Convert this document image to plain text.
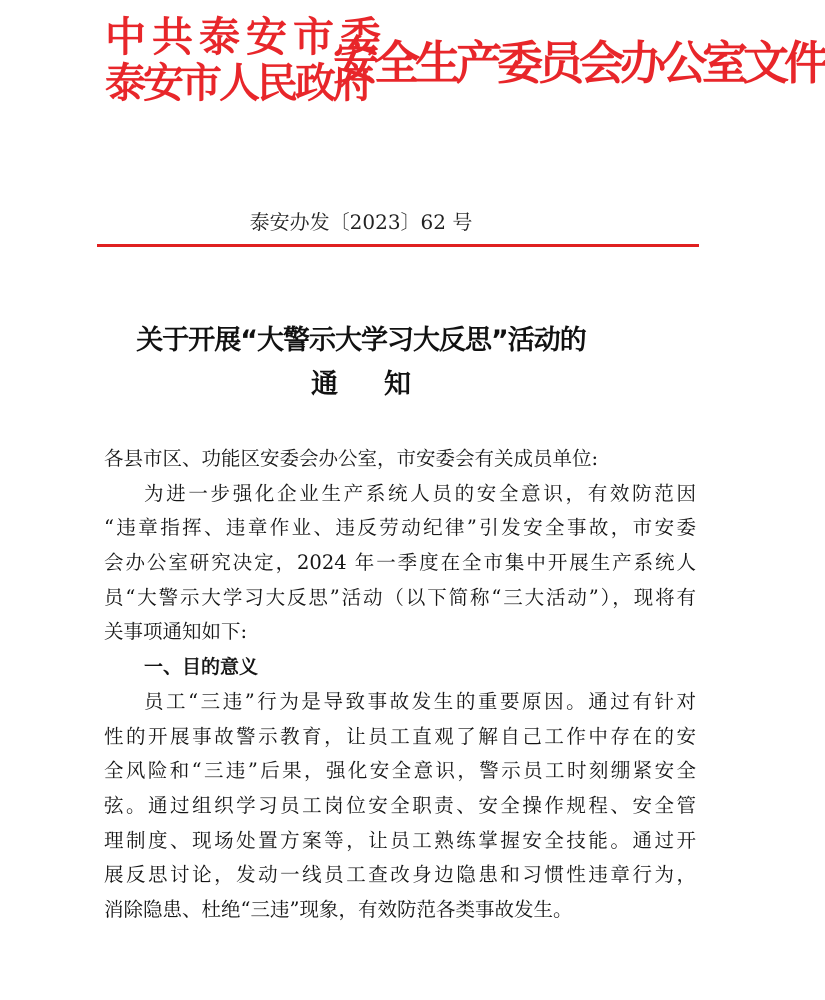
中共泰安市委
泰安市人民政府
安全生产委员会办公室文件
泰安办发〔2023〕62 号
关于开展“大警示大学习大反思”活动的
通 知
各县市区、功能区安委会办公室，市安委会有关成员单位:
为进一步强化企业生产系统人员的安全意识，有效防范因
“违章指挥、违章作业、违反劳动纪律”引发安全事故，市安委
会办公室研究决定，2024 年一季度在全市集中开展生产系统人
员“大警示大学习大反思”活动（以下简称“三大活动”），现将有
关事项通知如下:
一、目的意义
员工“三违”行为是导致事故发生的重要原因。通过有针对
性的开展事故警示教育，让员工直观了解自己工作中存在的安
全风险和“三违”后果，强化安全意识，警示员工时刻绷紧安全
弦。通过组织学习员工岗位安全职责、安全操作规程、安全管
理制度、现场处置方案等，让员工熟练掌握安全技能。通过开
展反思讨论，发动一线员工查改身边隐患和习惯性违章行为，
消除隐患、杜绝“三违”现象，有效防范各类事故发生。
